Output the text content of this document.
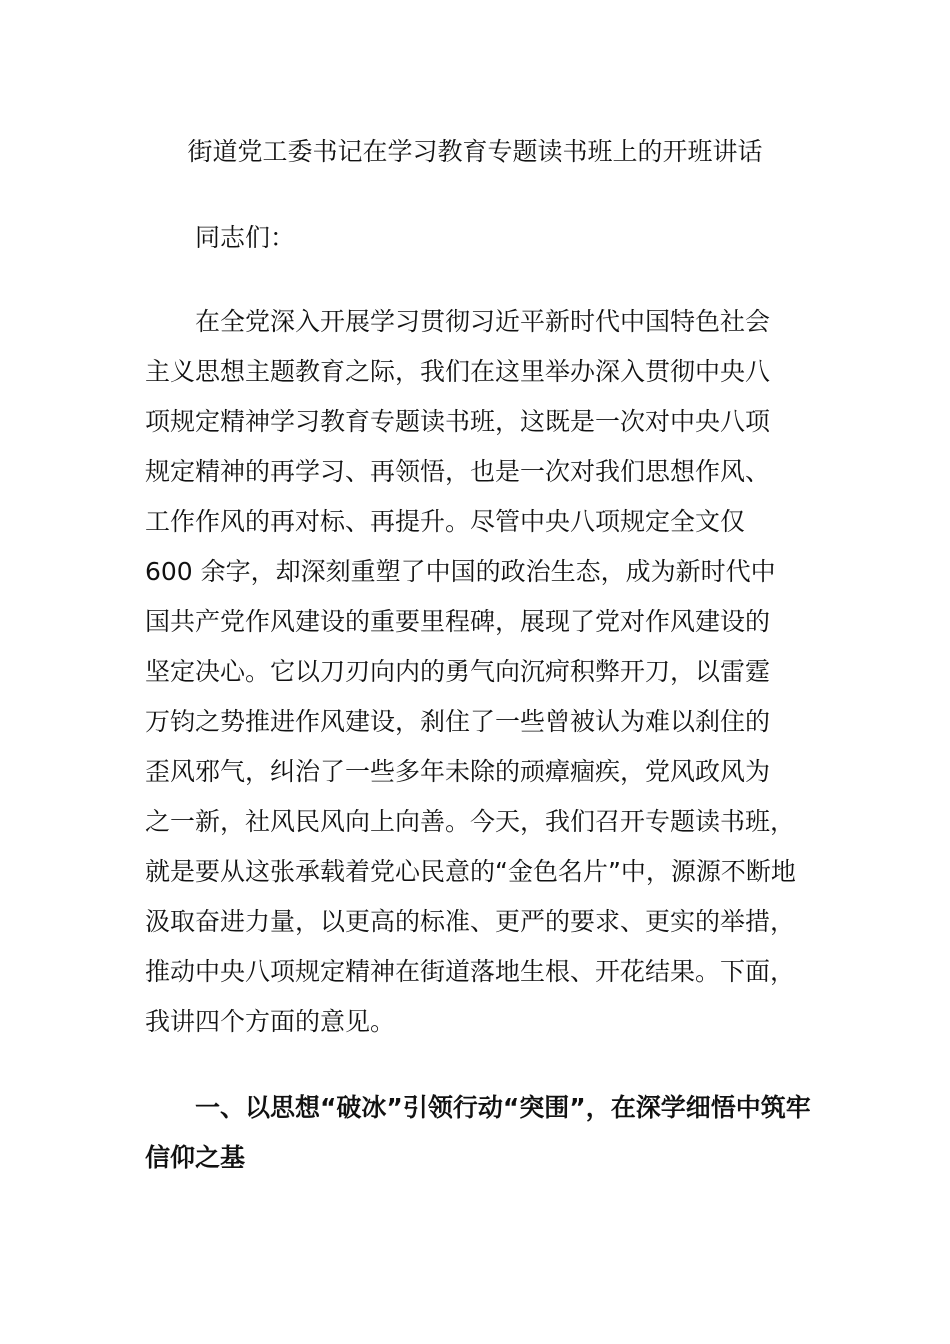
街道党工委书记在学习教育专题读书班上的开班讲话

同志们：

在全党深入开展学习贯彻习近平新时代中国特色社会
主义思想主题教育之际，我们在这里举办深入贯彻中央八
项规定精神学习教育专题读书班，这既是一次对中央八项
规定精神的再学习、再领悟，也是一次对我们思想作风、
工作作风的再对标、再提升。尽管中央八项规定全文仅
600 余字，却深刻重塑了中国的政治生态，成为新时代中
国共产党作风建设的重要里程碑，展现了党对作风建设的
坚定决心。它以刀刃向内的勇气向沉疴积弊开刀，以雷霆
万钧之势推进作风建设，刹住了一些曾被认为难以刹住的
歪风邪气，纠治了一些多年未除的顽瘴痼疾，党风政风为
之一新，社风民风向上向善。今天，我们召开专题读书班，
就是要从这张承载着党心民意的“金色名片”中，源源不断地
汲取奋进力量，以更高的标准、更严的要求、更实的举措，
推动中央八项规定精神在街道落地生根、开花结果。下面，
我讲四个方面的意见。
一、以思想“破冰”引领行动“突围”，在深学细悟中筑牢
信仰之基
